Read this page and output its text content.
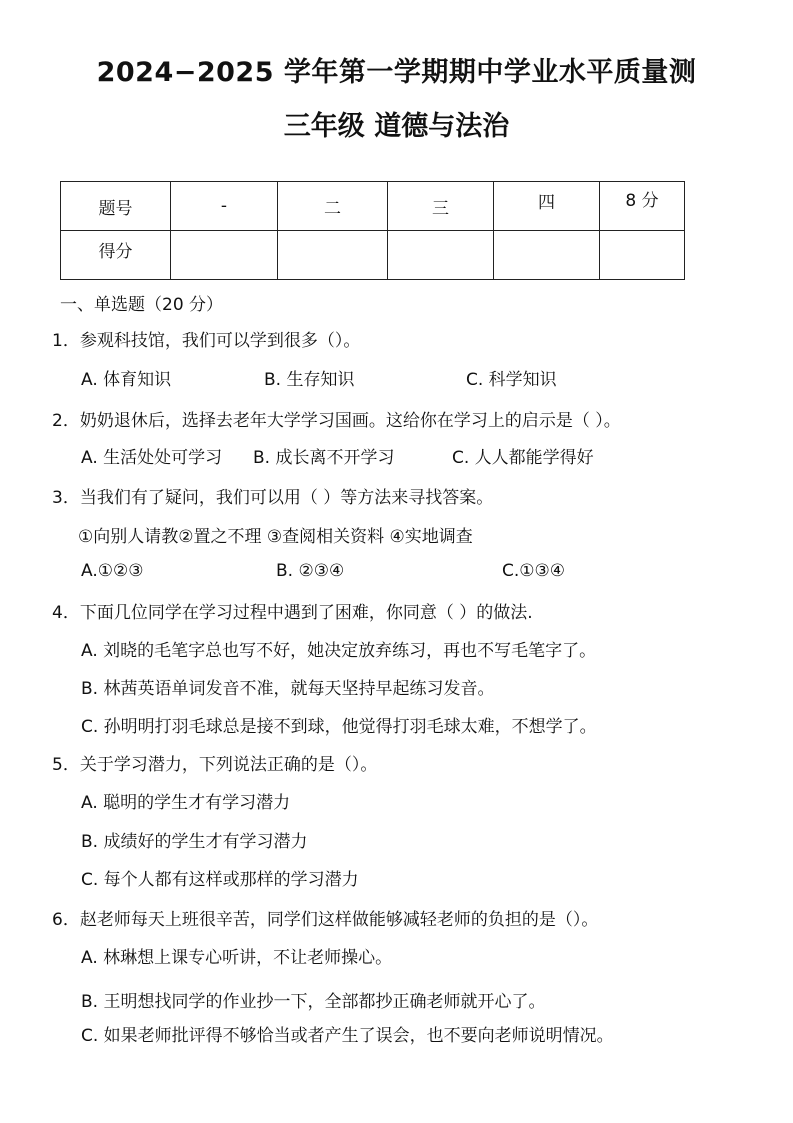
2024−2025 学年第一学期期中学业水平质量测
三年级 道德与法治
题号	-	二	三	四	8 分
得分					
一、单选题（20 分）
1．参观科技馆，我们可以学到很多（）。
A. 体育知识	B. 生存知识	C. 科学知识
2．奶奶退休后，选择去老年大学学习国画。这给你在学习上的启示是（ ）。
A. 生活处处可学习 B. 成长离不开学习	C. 人人都能学得好
3．当我们有了疑问，我们可以用（ ）等方法来寻找答案。
①向别人请教②置之不理 ③查阅相关资料 ④实地调查
A.①②③	B. ②③④	C.①③④
4．下面几位同学在学习过程中遇到了困难，你同意（ ）的做法.
A. 刘晓的毛笔字总也写不好，她决定放弃练习，再也不写毛笔字了。
B. 林茜英语单词发音不准，就每天坚持早起练习发音。
C. 孙明明打羽毛球总是接不到球，他觉得打羽毛球太难，不想学了。
5．关于学习潜力，下列说法正确的是（）。
A. 聪明的学生才有学习潜力
B. 成绩好的学生才有学习潜力
C. 每个人都有这样或那样的学习潜力
6．赵老师每天上班很辛苦，同学们这样做能够减轻老师的负担的是（）。
A. 林琳想上课专心听讲，不让老师操心。
B. 王明想找同学的作业抄一下，全部都抄正确老师就开心了。
C. 如果老师批评得不够恰当或者产生了误会，也不要向老师说明情况。
